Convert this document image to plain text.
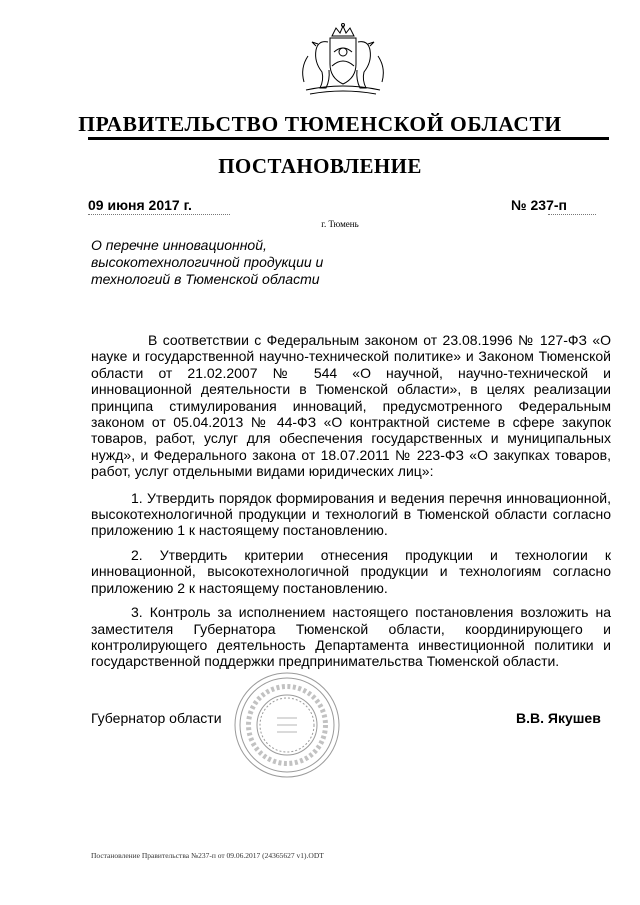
ПРАВИТЕЛЬСТВО ТЮМЕНСКОЙ ОБЛАСТИ
ПОСТАНОВЛЕНИЕ
09 июня 2017 г.	№ 237-п
г. Тюмень
О перечне инновационной, высокотехнологичной продукции и технологий в Тюменской области

В соответствии с Федеральным законом от 23.08.1996 № 127-ФЗ «О науке и государственной научно-технической политике» и Законом Тюменской области от 21.02.2007 № 544 «О научной, научно-технической и инновационной деятельности в Тюменской области», в целях реализации принципа стимулирования инноваций, предусмотренного Федеральным законом от 05.04.2013 № 44-ФЗ «О контрактной системе в сфере закупок товаров, работ, услуг для обеспечения государственных и муниципальных нужд», и Федерального закона от 18.07.2011 № 223-ФЗ «О закупках товаров, работ, услуг отдельными видами юридических лиц»:

1. Утвердить порядок формирования и ведения перечня инновационной, высокотехнологичной продукции и технологий в Тюменской области согласно приложению 1 к настоящему постановлению.

2. Утвердить критерии отнесения продукции и технологии к инновационной, высокотехнологичной продукции и технологиям согласно приложению 2 к настоящему постановлению.

3. Контроль за исполнением настоящего постановления возложить на заместителя Губернатора Тюменской области, координирующего и контролирующего деятельность Департамента инвестиционной политики и государственной поддержки предпринимательства Тюменской области.

Губернатор области	В.В. Якушев
Постановление Правительства №237-п от 09.06.2017 (24365627 v1).ODT
